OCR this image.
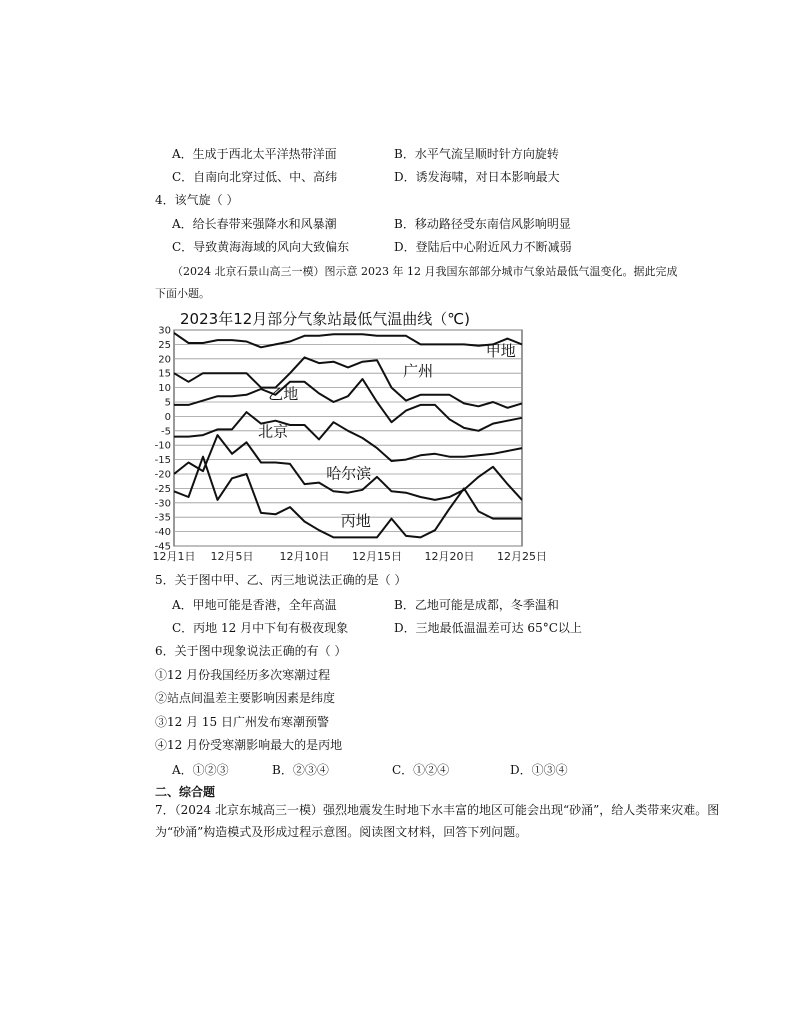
A．生成于西北太平洋热带洋面	B．水平气流呈顺时针方向旋转
C．自南向北穿过低、中、高纬	D．诱发海啸，对日本影响最大
4．该气旋（ ）
A．给长春带来强降水和风暴潮	B．移动路径受东南信风影响明显
C．导致黄海海域的风向大致偏东	D．登陆后中心附近风力不断减弱
（2024 北京石景山高三一模）图示意 2023 年 12 月我国东部部分城市气象站最低气温变化。据此完成
下面小题。
2023年12月部分气象站最低气温曲线（℃)
30
25
20
15
10
5
0
-5
-10
-15
-20
-25
-30
-35
-40
-45
12月1日 12月5日 12月10日 12月15日 12月20日 12月25日
甲地
广州
乙地
北京
哈尔滨
丙地
5．关于图中甲、乙、丙三地说法正确的是（ ）
A．甲地可能是香港，全年高温	B．乙地可能是成都，冬季温和
C．丙地 12 月中下旬有极夜现象	D．三地最低温温差可达 65°C以上
6．关于图中现象说法正确的有（ ）
①12 月份我国经历多次寒潮过程
②站点间温差主要影响因素是纬度
③12 月 15 日广州发布寒潮预警
④12 月份受寒潮影响最大的是丙地
A．①②③	B．②③④	C．①②④	D．①③④
二、综合题
7．（2024 北京东城高三一模）强烈地震发生时地下水丰富的地区可能会出现“砂涌”，给人类带来灾难。图
为“砂涌”构造模式及形成过程示意图。阅读图文材料，回答下列问题。
